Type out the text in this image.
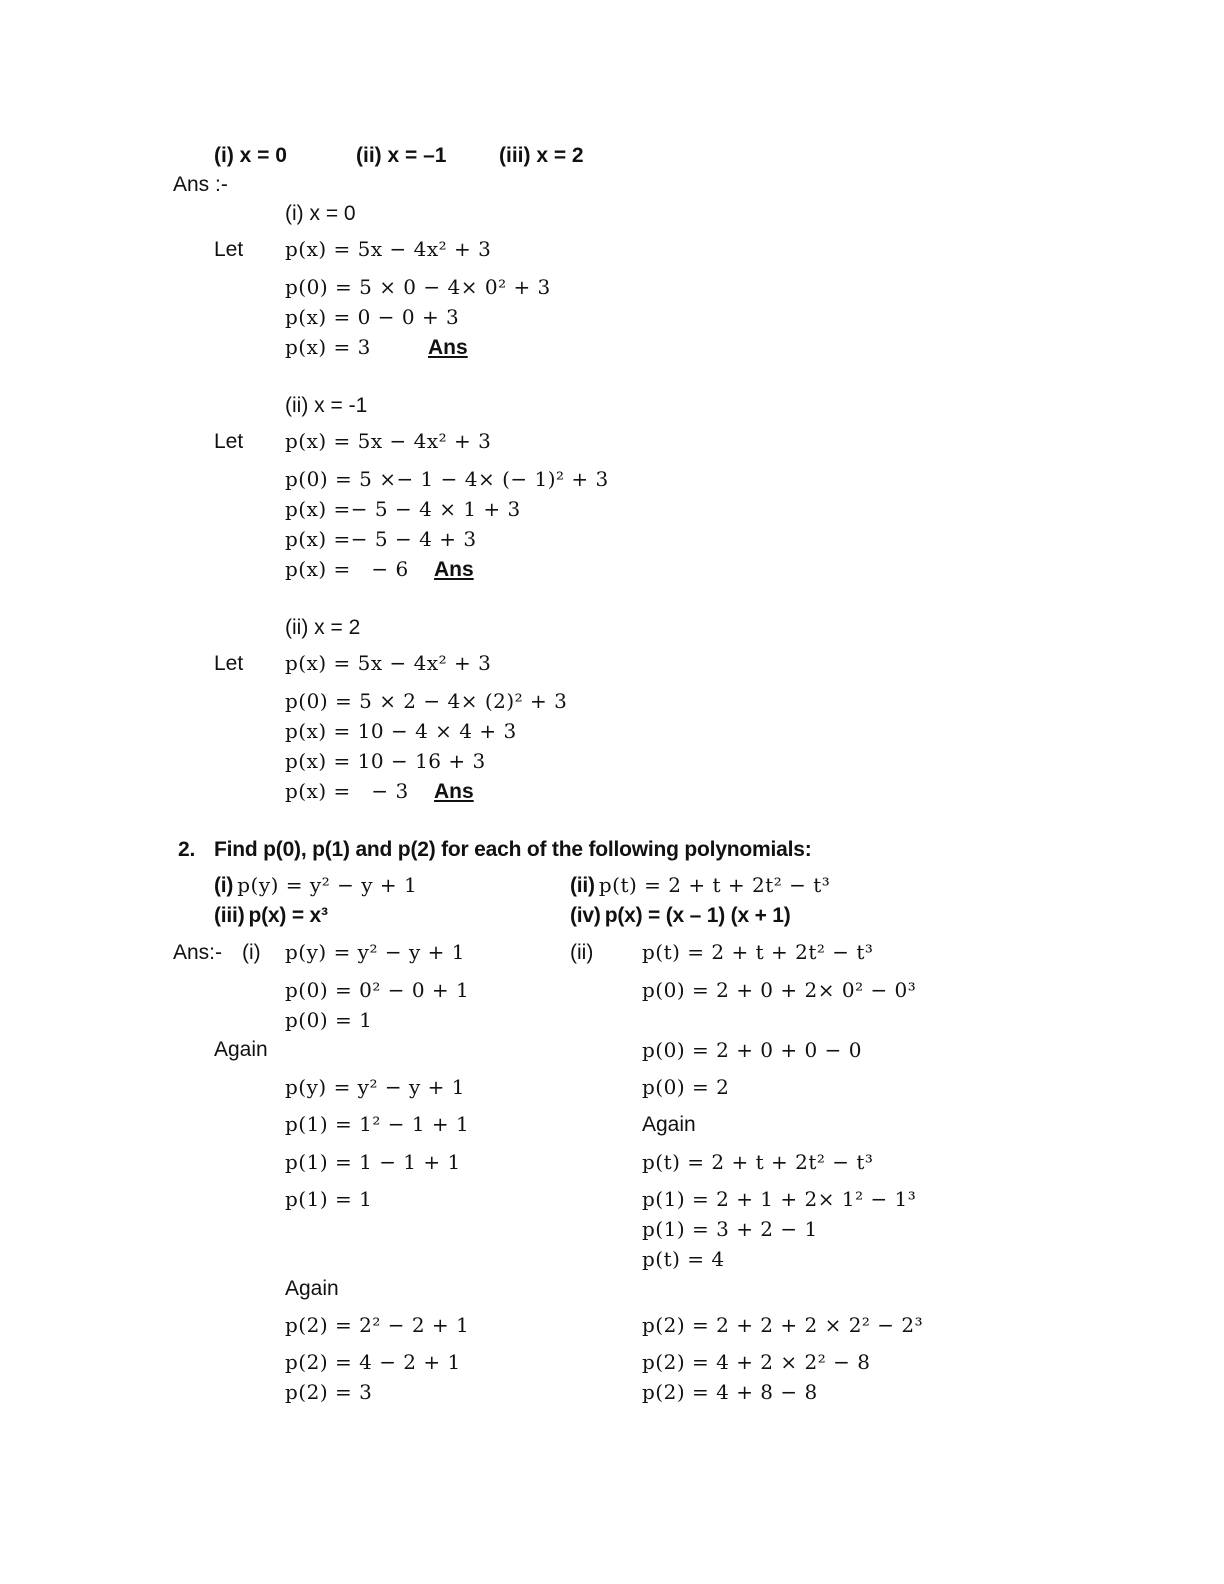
(i) x = 0	(ii) x = –1	(iii) x = 2
Ans :-
(i) x = 0
Let p(x) = 5x − 4x² + 3
p(0) = 5 × 0 − 4× 0² + 3
p(x) = 0 − 0 + 3
p(x) = 3	Ans
(ii) x = -1
Let p(x) = 5x − 4x² + 3
p(0) = 5 ×− 1 − 4× (− 1)² + 3
p(x) =− 5 − 4 × 1 + 3
p(x) =− 5 − 4 + 3
p(x) =   − 6 Ans
(ii) x = 2
Let p(x) = 5x − 4x² + 3
p(0) = 5 × 2 − 4× (2)² + 3
p(x) = 10 − 4 × 4 + 3
p(x) = 10 − 16 + 3
p(x) =   − 3 Ans
2. Find p(0), p(1) and p(2) for each of the following polynomials:
(i) p(y) = y² − y + 1	(ii) p(t) = 2 + t + 2t² − t³
(iii) p(x) = x³	(iv) p(x) = (x – 1) (x + 1)
Ans:- (i) p(y) = y² − y + 1
p(0) = 0² − 0 + 1
p(0) = 1
Again
p(y) = y² − y + 1
p(1) = 1² − 1 + 1
p(1) = 1 − 1 + 1
p(1) = 1
Again
p(2) = 2² − 2 + 1
p(2) = 4 − 2 + 1
p(2) = 3
(ii) p(t) = 2 + t + 2t² − t³
p(0) = 2 + 0 + 2× 0² − 0³
p(0) = 2 + 0 + 0 − 0
p(0) = 2
Again
p(t) = 2 + t + 2t² − t³
p(1) = 2 + 1 + 2× 1² − 1³
p(1) = 3 + 2 − 1
p(t) = 4
p(2) = 2 + 2 + 2 × 2² − 2³
p(2) = 4 + 2 × 2² − 8
p(2) = 4 + 8 − 8
